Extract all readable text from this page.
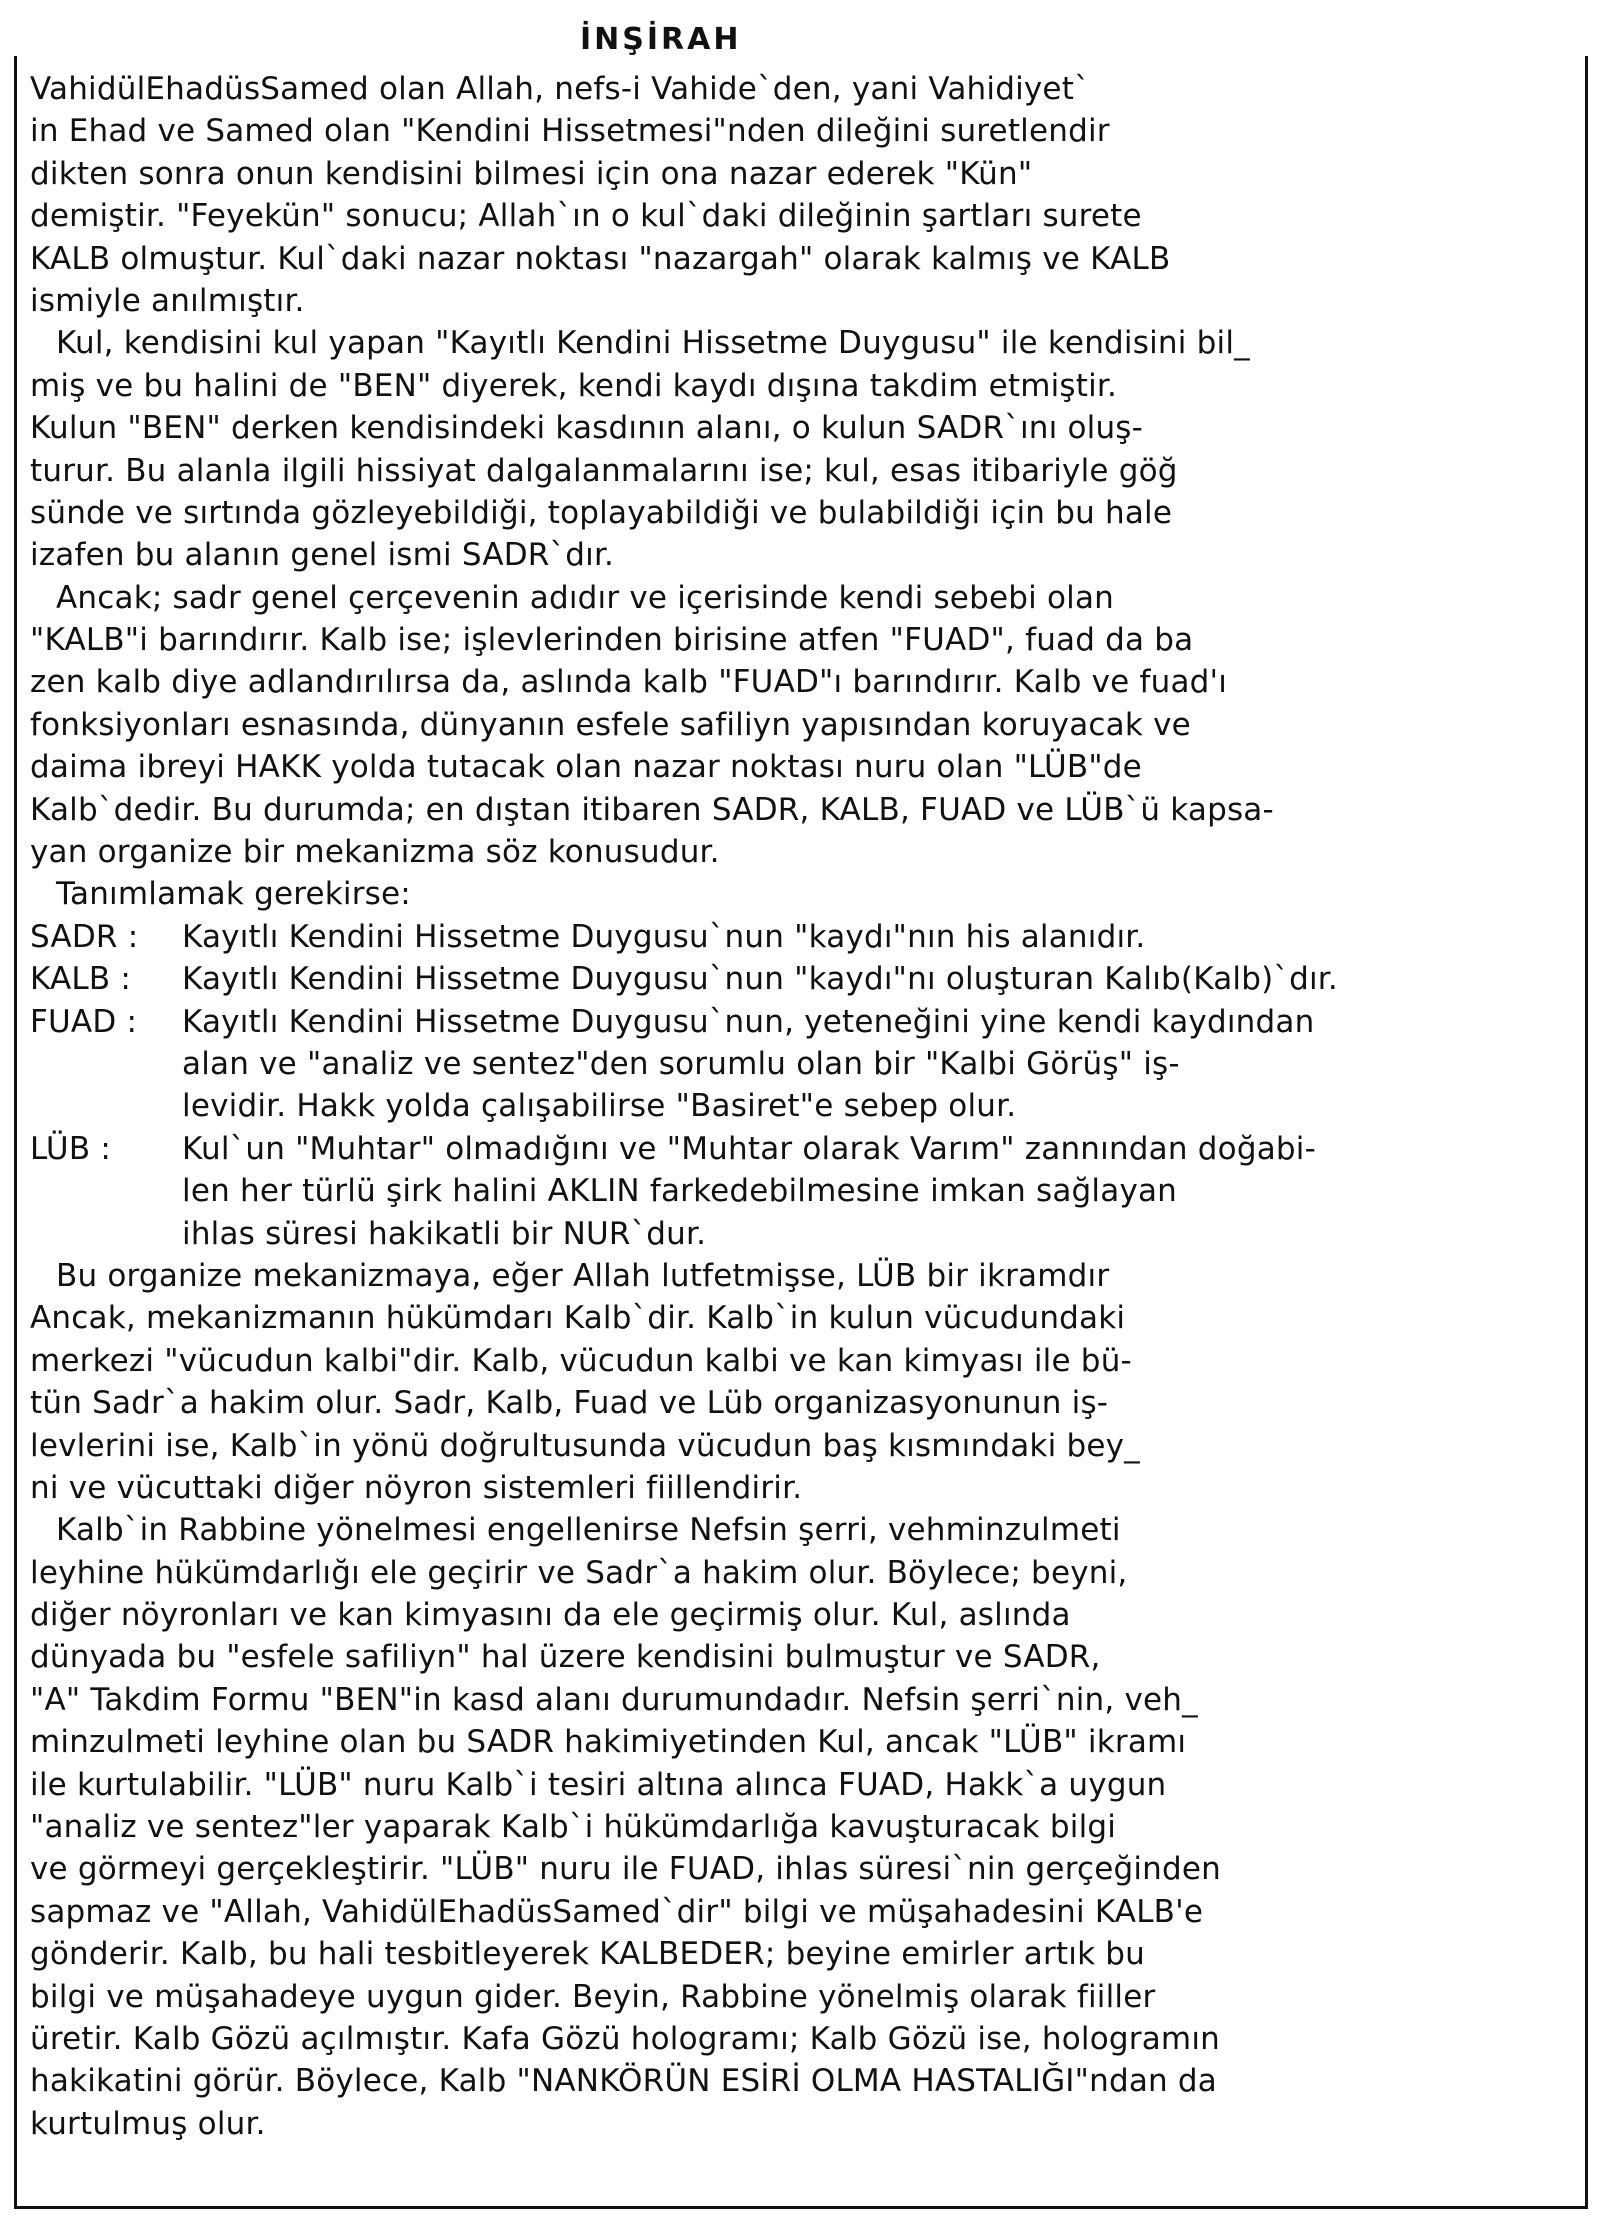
İNŞİRAH
VahidülEhadüsSamed olan Allah, nefs-i Vahide`den, yani Vahidiyet`
in Ehad ve Samed olan "Kendini Hissetmesi"nden dileğini suretlendir
dikten sonra onun kendisini bilmesi için ona nazar ederek "Kün"
demiştir. "Feyekün" sonucu; Allah`ın o kul`daki dileğinin şartları surete
KALB olmuştur. Kul`daki nazar noktası "nazargah" olarak kalmış ve KALB
ismiyle anılmıştır.
Kul, kendisini kul yapan "Kayıtlı Kendini Hissetme Duygusu" ile kendisini bil_
miş ve bu halini de "BEN" diyerek, kendi kaydı dışına takdim etmiştir.
Kulun "BEN" derken kendisindeki kasdının alanı, o kulun SADR`ını oluş-
turur. Bu alanla ilgili hissiyat dalgalanmalarını ise; kul, esas itibariyle göğ
sünde ve sırtında gözleyebildiği, toplayabildiği ve bulabildiği için bu hale
izafen bu alanın genel ismi SADR`dır.
Ancak; sadr genel çerçevenin adıdır ve içerisinde kendi sebebi olan
"KALB"i barındırır. Kalb ise; işlevlerinden birisine atfen "FUAD", fuad da ba
zen kalb diye adlandırılırsa da, aslında kalb "FUAD"ı barındırır. Kalb ve fuad'ı
fonksiyonları esnasında, dünyanın esfele safiliyn yapısından koruyacak ve
daima ibreyi HAKK yolda tutacak olan nazar noktası nuru olan "LÜB"de
Kalb`dedir. Bu durumda; en dıştan itibaren SADR, KALB, FUAD ve LÜB`ü kapsa-
yan organize bir mekanizma söz konusudur.
Tanımlamak gerekirse:
SADR : Kayıtlı Kendini Hissetme Duygusu`nun "kaydı"nın his alanıdır.
KALB : Kayıtlı Kendini Hissetme Duygusu`nun "kaydı"nı oluşturan Kalıb(Kalb)`dır.
FUAD : Kayıtlı Kendini Hissetme Duygusu`nun, yeteneğini yine kendi kaydından
alan ve "analiz ve sentez"den sorumlu olan bir "Kalbi Görüş" iş-
levidir. Hakk yolda çalışabilirse "Basiret"e sebep olur.
LÜB : Kul`un "Muhtar" olmadığını ve "Muhtar olarak Varım" zannından doğabi-
len her türlü şirk halini AKLIN farkedebilmesine imkan sağlayan
ihlas süresi hakikatli bir NUR`dur.
Bu organize mekanizmaya, eğer Allah lutfetmişse, LÜB bir ikramdır
Ancak, mekanizmanın hükümdarı Kalb`dir. Kalb`in kulun vücudundaki
merkezi "vücudun kalbi"dir. Kalb, vücudun kalbi ve kan kimyası ile bü-
tün Sadr`a hakim olur. Sadr, Kalb, Fuad ve Lüb organizasyonunun iş-
levlerini ise, Kalb`in yönü doğrultusunda vücudun baş kısmındaki bey_
ni ve vücuttaki diğer nöyron sistemleri fiillendirir.
Kalb`in Rabbine yönelmesi engellenirse Nefsin şerri, vehminzulmeti
leyhine hükümdarlığı ele geçirir ve Sadr`a hakim olur. Böylece; beyni,
diğer nöyronları ve kan kimyasını da ele geçirmiş olur. Kul, aslında
dünyada bu "esfele safiliyn" hal üzere kendisini bulmuştur ve SADR,
"A" Takdim Formu "BEN"in kasd alanı durumundadır. Nefsin şerri`nin, veh_
minzulmeti leyhine olan bu SADR hakimiyetinden Kul, ancak "LÜB" ikramı
ile kurtulabilir. "LÜB" nuru Kalb`i tesiri altına alınca FUAD, Hakk`a uygun
"analiz ve sentez"ler yaparak Kalb`i hükümdarlığa kavuşturacak bilgi
ve görmeyi gerçekleştirir. "LÜB" nuru ile FUAD, ihlas süresi`nin gerçeğinden
sapmaz ve "Allah, VahidülEhadüsSamed`dir" bilgi ve müşahadesini KALB'e
gönderir. Kalb, bu hali tesbitleyerek KALBEDER; beyine emirler artık bu
bilgi ve müşahadeye uygun gider. Beyin, Rabbine yönelmiş olarak fiiller
üretir. Kalb Gözü açılmıştır. Kafa Gözü hologramı; Kalb Gözü ise, hologramın
hakikatini görür. Böylece, Kalb "NANKÖRÜN ESİRİ OLMA HASTALIĞI"ndan da
kurtulmuş olur.
